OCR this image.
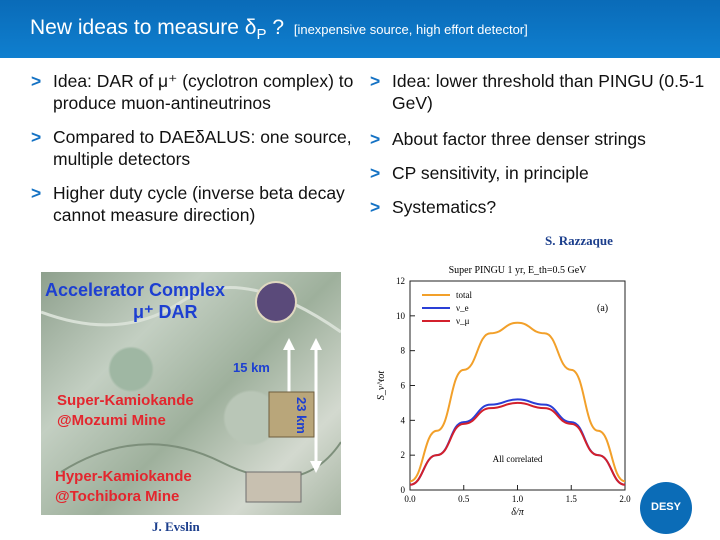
New ideas to measure $\delta_P$ ? [inexpensive source, high effort detector]
> Idea: DAR of μ⁺ (cyclotron complex) to produce muon-antineutrinos
> Compared to DAEδALUS: one source, multiple detectors
> Higher duty cycle (inverse beta decay cannot measure direction)
> Idea: lower threshold than PINGU (0.5-1 GeV)
> About factor three denser strings
> CP sensitivity, in principle
> Systematics?
S. Razzaque
Accelerator Complex
μ⁺ DAR
15 km
23 km
Super-Kamiokande
@Mozumi Mine
Hyper-Kamiokande
@Tochibora Mine
J. Evslin
Super PINGU 1 yr, E_th=0.5 GeV
(a)
0.0	0.5	1.0	1.5	2.0
0
2
4
6
8
10
12
δ/π
S_ν^tot
total
ν_e
ν_μ
All correlated
DESY
